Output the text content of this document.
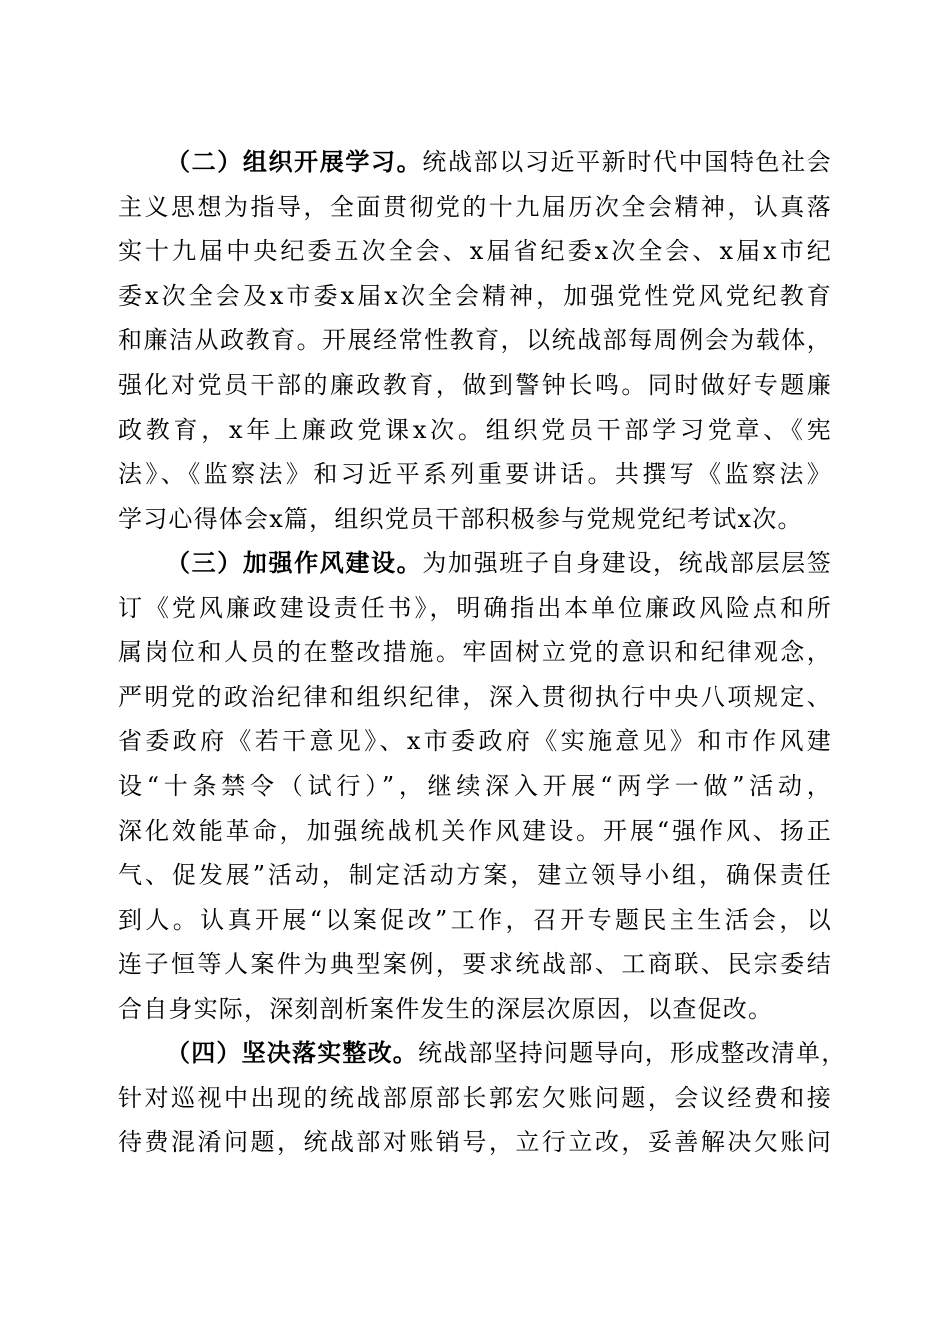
（二）组织开展学习。统战部以习近平新时代中国特色社会
主义思想为指导，全面贯彻党的十九届历次全会精神，认真落
实十九届中央纪委五次全会、x届省纪委x次全会、x届x市纪
委x次全会及x市委x届x次全会精神，加强党性党风党纪教育
和廉洁从政教育。开展经常性教育，以统战部每周例会为载体，
强化对党员干部的廉政教育，做到警钟长鸣。同时做好专题廉
政教育，x年上廉政党课x次。组织党员干部学习党章、《宪
法》、《监察法》和习近平系列重要讲话。共撰写《监察法》
学习心得体会x篇，组织党员干部积极参与党规党纪考试x次。
（三）加强作风建设。为加强班子自身建设，统战部层层签
订《党风廉政建设责任书》，明确指出本单位廉政风险点和所
属岗位和人员的在整改措施。牢固树立党的意识和纪律观念，
严明党的政治纪律和组织纪律，深入贯彻执行中央八项规定、
省委政府《若干意见》、x市委政府《实施意见》和市作风建
设“十条禁令（试行）”，继续深入开展“两学一做”活动，
深化效能革命，加强统战机关作风建设。开展“强作风、扬正
气、促发展”活动，制定活动方案，建立领导小组，确保责任
到人。认真开展“以案促改”工作，召开专题民主生活会，以
连子恒等人案件为典型案例，要求统战部、工商联、民宗委结
合自身实际，深刻剖析案件发生的深层次原因，以查促改。
（四）坚决落实整改。统战部坚持问题导向，形成整改清单，
针对巡视中出现的统战部原部长郭宏欠账问题，会议经费和接
待费混淆问题，统战部对账销号，立行立改，妥善解决欠账问
